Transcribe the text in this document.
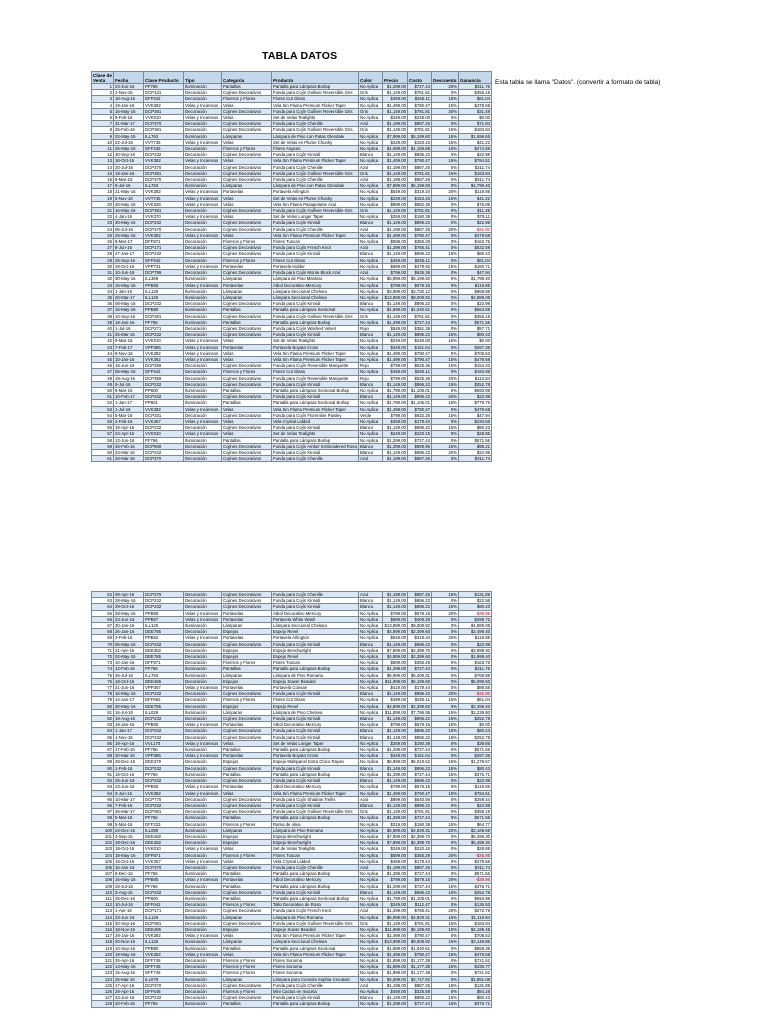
TABLA DATOS
Esta tabla se llama "Datos". (convertir a formato de tabla)
Clase de Venta	Fecha	Clase Producto	Tipo	Categoría	Producto	Color	Precio	Costo	Descuento	Ganancia
1	23-Jun-16	PF766	Iluminación	Pantallas	Pantalla para Lámpara Burlap	No Aplica	$1,299.00	$727.44	20%	$311.76
2	1-Nov-16	DCP131	Decoración	Cojines Decorativos	Funda para Cojín Gulliver Reversible Gris	Gris	$1,149.00	$781.81	0%	$356.19
3	18-Aug-16	DFF642	Decoración	Floreros y Flores	Flores Cut Glass	No Aplica	$459.00	$265.11	15%	$61.04
4	19-Jan-16	VVK382	Velas y Inciensos	Velas	Vela Sin Flama Premium Flicker Taper	No Aplica	$1,499.00	$790.47	15%	$479.68
5	16-May-16	DCP381	Decoración	Cojines Decorativos	Funda para Cojín Gulliver Reversible Gris	Gris	$1,149.00	$781.81	30%	$31.49
6	9-Feb-16	VVK010	Velas y Inciensos	Velas	Set de Velas Tealights	No Aplica	$249.00	$249.00	0%	$0.00
7	31-Mar-17	DCP370	Decoración	Cojines Decorativos	Funda para Cojín Chenille	Azul	$1,199.00	$887.26	0%	$71.94
8	25-Feb-16	DCP381	Decoración	Cojines Decorativos	Funda para Cojín Gulliver Reversible Gris	Gris	$1,149.00	$781.81	15%	$183.84
9	02-May-16	ILL763	Iluminación	Lámparas	Lámpara de Piso con Patas Glendale	No Aplica	$7,899.00	$5,199.60	15%	$1,599.55
10	22-Jul-16	VVT745	Velas y Inciensos	Velas	Set de Velas en Plume Chunky	No Aplica	$229.00	$153.43	15%	$41.22
11	26-May-16	DFF236	Decoración	Floreros y Flores	Flores Angeas	No Aplica	$1,699.00	$1,189.66	15%	$274.69
12	30-Sep-16	DCP232	Decoración	Cojines Decorativos	Funda para Cojín Kinnidi	Blanco	$1,149.00	$896.22	0%	$22.98
13	18-Oct-16	VVK382	Velas y Inciensos	Velas	Vela Sin Flama Premium Flicker Taper	No Aplica	$1,499.00	$790.47	15%	$784.51
14	20-Jul-16	DCP370	Decoración	Cojines Decorativos	Funda para Cojín Chenille	Azul	$1,199.00	$887.26	0%	$311.74
15	19-Jan-16	DCP381	Decoración	Cojines Decorativos	Funda para Cojín Gulliver Reversible Gris	Gris	$1,149.00	$781.81	15%	$183.84
16	9-Mar-16	DCP370	Decoración	Cojines Decorativos	Funda para Cojín Chenille	Azul	$1,199.00	$887.26	0%	$311.74
17	9-Jul-16	ILL763	Iluminación	Lámparas	Lámpara de Piso con Patas Glendale	No Aplica	$7,899.00	$5,199.60	0%	$4,799.40
18	21-May-16	VVK382	Velas y Inciensos	Portavelas	Portavela Arlington	No Aplica	$549.00	$319.34	20%	$119.85
19	5-Nov-16	VVT745	Velas y Inciensos	Velas	Set de Velas en Plume Chunky	No Aplica	$229.00	$153.43	15%	$41.22
20	30-May-16	VVK328	Velas y Inciensos	Velas	Vela Sin Flama Pasapelante Azul	No Aplica	$899.00	$682.35	0%	$76.89
21	16-May-16	DCP381	Decoración	Cojines Decorativos	Funda para Cojín Gulliver Reversible Gris	Gris	$1,149.00	$781.81	0%	$11.49
22	4-Jan-16	VVK370	Velas y Inciensos	Velas	Set de Velas Longer Taper	No Aplica	$259.00	$190.39	0%	$79.11
23	30-May-16	DCP232	Decoración	Cojines Decorativos	Funda para Cojín Kinnidi	Blanco	$1,149.00	$896.22	0%	$22.98
24	06-Jul-16	DCP370	Decoración	Cojines Decorativos	Funda para Cojín Chenille	Azul	$1,199.00	$887.26	20%	-$31.00
25	25-May-16	VVK382	Velas y Inciensos	Velas	Vela Sin Flama Premium Flicker Taper	No Aplica	$1,499.00	$790.47	0%	$479.68
26	9-Mar-17	DFF871	Decoración	Floreros y Flores	Flores Tuscan	No Aplica	$599.00	$355.29	0%	$163.76
27	8-Jun-16	DCP171	Decoración	Cojines Decorativos	Funda para Cojín French Knot	Azul	$1,299.00	$766.41	0%	$532.59
28	27-Jan-17	DCP232	Decoración	Cojines Decorativos	Funda para Cojín Kinnidi	Blanco	$1,149.00	$896.22	15%	$80.43
29	28-Sep-16	DFF642	Decoración	Floreros y Flores	Flores Cut Glass	No Aplica	$459.00	$265.11	0%	$61.04
30	29-Oct-16	VPP731	Velas y Inciensos	Portavelas	Portavela Kidder	No Aplica	$699.00	$479.93	15%	$160.71
31	10-Jun-16	DCP799	Decoración	Cojines Decorativos	Funda para Cojín Monte Block Azul	Azul	$799.00	$635.36	0%	$47.94
32	30-May-16	ILL369	Iluminación	Lámparas	Lámpara de Piso Mantaro	No Aplica	$6,999.00	$5,199.60	0%	$1,799.40
33	16-May-16	PPB05	Velas y Inciensos	Portavelas	Atbol Decorativo Mercury	No Aplica	$799.00	$679.15	0%	$119.85
34	1-Jan-16	ILL126	Iluminación	Lámparas	Lámpara Seccional Chelsea	No Aplica	$3,899.00	$2,730.12	0%	$968.88
35	20-Mar-17	ILL126	Iluminación	Lámparas	Lámpara Seccional Chelsea	No Aplica	$13,899.00	$9,009.92	0%	$4,889.08
36	08-May-16	DCP232	Decoración	Cojines Decorativos	Funda para Cojín Kinnidi	Blanco	$1,149.00	$896.22	0%	$22.98
37	16-May-16	PPB80	Iluminación	Pantallas	Pantalla para Lámpara Sectional	No Aplica	$1,899.00	$1,040.61	0%	$664.69
38	10-Sep-16	DCP381	Decoración	Cojines Decorativos	Funda para Cojín Gulliver Reversible Gris	Gris	$1,149.00	$781.81	0%	$356.19
39	18-Jan-16	PF766	Iluminación	Pantallas	Pantalla para Lámpara Burlap	No Aplica	$1,299.00	$727.44	0%	$571.56
40	1-Jul-16	DCP271	Decoración	Cojines Decorativos	Funda para Cojín Washed Velvet	Rojo	$549.00	$381.39	0%	$57.71
41	25-Mar-16	DCP232	Decoración	Cojines Decorativos	Funda para Cojín Kinnidi	Blanco	$1,149.00	$896.22	15%	$80.43
42	9-Mar-16	VVK010	Velas y Inciensos	Velas	Set de Velas Tealights	No Aplica	$249.00	$249.00	15%	$0.00
43	7-Feb-17	VPP385	Velas y Inciensos	Portavelas	Portavela Boyata Cross	No Aplica	$449.00	$161.64	0%	$287.36
44	9-Nov-16	VVK382	Velas y Inciensos	Velas	Vela Sin Flama Premium Flicker Taper	No Aplica	$1,499.00	$790.47	0%	$708.53
45	10-Jan-16	VVK382	Velas y Inciensos	Velas	Vela Sin Flama Premium Flicker Taper	No Aplica	$1,499.00	$790.47	15%	$479.68
46	18-Jun-16	DCP359	Decoración	Cojines Decorativos	Funda para Cojín Reversible Marquette	Rojo	$799.00	$525.36	15%	$154.03
47	06-May-16	DFF642	Decoración	Floreros y Flores	Flores Cut Glass	No Aplica	$459.00	$265.11	0%	$193.89
48	19-Aug-16	DCP359	Decoración	Cojines Decorativos	Funda para Cojín Reversible Marquette	Rojo	$799.00	$525.36	20%	$113.84
49	9-Jul-16	DCP232	Decoración	Cojines Decorativos	Funda para Cojín Kinnidi	Blanco	$1,149.00	$896.22	15%	$252.78
50	8-Mar-16	PP600	Iluminación	Pantallas	Pantalla para Lámpara Sectional Burlap	No Aplica	$1,799.00	$1,105.01	0%	$693.99
51	10-Feb-17	DCP232	Decoración	Cojines Decorativos	Funda para Cojín Kinnidi	Blanco	$1,149.00	$896.22	20%	$22.98
52	1-Jan-17	PP601	Iluminación	Pantallas	Pantalla para Lámpara Sectional Burlap	No Aplica	$1,799.00	$1,105.01	15%	$779.75
53	1-Jul-16	VVK382	Velas y Inciensos	Velas	Vela Sin Flama Premium Flicker Taper	No Aplica	$1,499.00	$790.47	0%	$479.68
54	5-Mar-16	DCP331	Decoración	Cojines Decorativos	Funda para Cojín Florentine Paisley	Verde	$799.00	$632.25	15%	$47.94
55	2-Feb-16	VVK367	Velas y Inciensos	Velas	Vela Crystal Lidded	No Aplica	$459.00	$179.44	0%	$220.56
56	19-Apr-16	DCP232	Decoración	Cojines Decorativos	Funda para Cojín Kinnidi	Blanco	$1,149.00	$896.22	15%	$80.43
57	24-Apr-16	VVK010	Velas y Inciensos	Velas	Set de Velas Tealights	No Aplica	$249.00	$220.15	0%	$28.85
58	13-Jun-16	PF766	Iluminación	Pantallas	Pantalla para Lámpara Burlap	No Aplica	$1,299.00	$727.44	0%	$571.56
59	26-Feb-16	DCP560	Decoración	Cojines Decorativos	Funda para Cojín Amber Embroidered Rosa	Blanco	$1,299.00	$989.96	15%	$98.21
60	23-Mar-16	DCP232	Decoración	Cojines Decorativos	Funda para Cojín Kinnidi	Blanco	$1,149.00	$896.22	20%	$22.98
61	20-Mar-16	DCP370	Decoración	Cojines Decorativos	Funda para Cojín Chenille	Azul	$1,199.00	$887.26	0%	$311.74
62	09-Apr-16	DCP370	Decoración	Cojines Decorativos	Funda para Cojín Chenille	Azul	$1,199.00	$887.26	15%	$131.89
63	28-May-16	DCP232	Decoración	Cojines Decorativos	Funda para Cojín Kinnidi	Blanco	$1,149.00	$896.22	0%	$22.98
64	29-Oct-16	DCP232	Decoración	Cojines Decorativos	Funda para Cojín Kinnidi	Blanco	$1,149.00	$896.22	15%	$80.43
65	28-May-16	PPB05	Velas y Inciensos	Portavelas	Atbol Decorativo Mercury	No Aplica	$799.00	$679.15	20%	-$39.95
66	23-Jun-16	PPB07	Velas y Inciensos	Portavelas	Portavela White Wash	No Aplica	$699.00	$409.28	0%	$289.72
67	30-Jan-16	ILL126	Iluminación	Lámparas	Lámpara Seccional Chelsea	No Aplica	$13,899.00	$9,009.92	0%	$4,889.08
68	26-Jan-16	DEE785	Decoración	Espejos	Espejo Revel	No Aplica	$4,899.00	$2,399.60	0%	$2,499.40
69	3-Feb-16	PPB62	Velas y Inciensos	Portavelas	Portavela Arlington	No Aplica	$549.00	$319.34	20%	$119.85
70	06-May-16	DCP232	Decoración	Cojines Decorativos	Funda para Cojín Kinnidi	Blanco	$1,149.00	$896.22	0%	$22.98
71	21-Apr-16	DEE482	Decoración	Espejos	Espejo Benchwright	No Aplica	$7,899.00	$2,399.70	0%	$3,999.30
72	02-May-16	DEE785	Decoración	Espejos	Espejo Revel	No Aplica	$4,899.00	$2,399.60	0%	$1,999.40
73	10-Jan-16	DFF871	Decoración	Floreros y Flores	Flores Tuscan	No Aplica	$599.00	$355.29	0%	$163.76
74	12-Feb-16	PF766	Iluminación	Pantallas	Pantalla para Lámpara Burlap	No Aplica	$1,299.00	$727.44	0%	$311.76
75	26-Jul-16	ILL763	Iluminación	Lámparas	Lámpara de Piso Romana	No Aplica	$6,999.00	$5,409.31	0%	$769.88
76	18-Oct-16	DEE486	Decoración	Espejos	Espejo Sower Beaded	No Aplica	$11,999.00	$6,199.60	0%	$5,099.50
77	21-Jun-16	VPP367	Velas y Inciensos	Portavelas	Portavela Corisan	No Aplica	$419.00	$179.44	0%	$89.55
78	16-May-16	DCP232	Decoración	Cojines Decorativos	Funda para Cojín Kinnidi	Blanco	$1,149.00	$896.22	20%	-$31.00
79	14-Jan-17	DFF662	Decoración	Floreros y Flores	Flores Cut Glass	No Aplica	$499.00	$265.11	15%	$61.04
80	30-May-16	DEE785	Decoración	Espejos	Espejo Revel	No Aplica	$4,899.00	$2,399.60	0%	$2,499.40
81	16-Jul-16	ILL029	Iluminación	Lámparas	Lámpara de Piso Chelsea	No Aplica	$11,899.00	$7,795.95	15%	$2,239.80
82	19-Aug-16	DCP232	Decoración	Cojines Decorativos	Funda para Cojín Kinnidi	Blanco	$1,149.00	$896.22	15%	$252.78
83	19-Jan-16	PPB05	Velas y Inciensos	Portavelas	Atbol Decorativo Mercury	No Aplica	$799.00	$679.15	15%	$0.00
84	1-Jan-17	DCP232	Decoración	Cojines Decorativos	Funda para Cojín Kinnidi	Blanco	$1,149.00	$896.22	15%	$80.43
85	1-Nov-16	DCP232	Decoración	Cojines Decorativos	Funda para Cojín Kinnidi	Blanco	$1,149.00	$896.22	15%	$252.78
86	19-Apr-16	VVL170	Velas y Inciensos	Velas	Set de Velas Longer Taper	No Aplica	$259.00	$190.39	0%	$39.85
87	17-Feb-16	PF766	Iluminación	Pantallas	Pantalla para Lámpara Burlap	No Aplica	$1,299.00	$727.44	0%	$571.56
88	30-Mar-16	VPP385	Velas y Inciensos	Portavelas	Portavela Boyata Cross	No Aplica	$449.00	$161.64	0%	$287.36
89	28-Dec-16	DEE379	Decoración	Espejos	Espejo Multipanel Extra Chico Rayan	No Aplica	$6,999.00	$5,019.62	15%	$1,279.57
90	1-Feb-16	DCP232	Decoración	Cojines Decorativos	Funda para Cojín Kinnidi	Blanco	$1,149.00	$896.22	15%	$80.43
91	18-Oct-16	PF766	Iluminación	Pantallas	Pantalla para Lámpara Burlap	No Aplica	$1,299.00	$727.44	15%	$376.71
92	28-Jun-16	DCP232	Decoración	Cojines Decorativos	Funda para Cojín Kinnidi	Blanco	$1,149.00	$896.22	0%	$22.98
93	23-Jun-16	PPB05	Velas y Inciensos	Portavelas	Atbol Decorativo Mercury	No Aplica	$799.00	$679.15	0%	$119.85
94	3-Jun-16	VVK382	Velas y Inciensos	Velas	Vela Sin Flama Premium Flicker Taper	No Aplica	$1,499.00	$790.47	15%	$784.51
95	10-Mar-17	DCP770	Decoración	Cojines Decorativos	Funda para Cojín Shadow Trellis	Azul	$899.00	$640.56	0%	$258.44
96	7-Feb-16	DCP232	Decoración	Cojines Decorativos	Funda para Cojín Kinnidi	Blanco	$1,149.00	$896.22	0%	$22.98
97	26-Mar-17	DCP381	Decoración	Cojines Decorativos	Funda para Cojín Gulliver Reversible Gris	Gris	$1,149.00	$781.81	0%	$356.19
98	5-Mar-16	PF766	Iluminación	Pantallas	Pantalla para Lámpara Burlap	No Aplica	$1,299.00	$727.44	0%	$571.56
99	5-Mar-16	DFF233	Decoración	Floreros y Flores	Rama de oliva	No Aplica	$319.00	$190.38	15%	$64.77
100	24-Dec-16	ILL080	Iluminación	Lámparas	Lámpara de Piso Romana	No Aplica	$6,999.00	$4,829.31	20%	$2,169.69
101	4-Sep-16	DEE482	Decoración	Espejos	Espejo Benchwright	No Aplica	$7,899.00	$2,399.70	0%	$5,499.30
102	18-Dec-16	DEE482	Decoración	Espejos	Espejo Benchwright	No Aplica	$7,899.00	$2,399.70	0%	$5,499.30
103	18-Oct-16	VVK010	Velas y Inciensos	Velas	Set de Velas Tealights	No Aplica	$249.00	$220.15	0%	$28.85
104	18-May-16	DFF871	Decoración	Floreros y Flores	Flores Tuscan	No Aplica	$599.00	$355.29	20%	-$35.95
105	18-Oct-16	VVK367	Velas y Inciensos	Velas	Vela Crystal Lidded	No Aplica	$459.00	$179.44	0%	$279.56
106	16-Jan-16	DCP370	Decoración	Cojines Decorativos	Funda para Cojín Chenille	Azul	$1,199.00	$887.26	0%	$311.74
107	8-Dec-16	PF766	Iluminación	Pantallas	Pantalla para Lámpara Burlap	No Aplica	$1,299.00	$727.44	0%	$571.56
108	16-May-16	PPB05	Velas y Inciensos	Portavelas	Atbol Decorativo Mercury	No Aplica	$799.00	$679.15	20%	-$39.95
109	28-Jul-16	PF766	Iluminación	Pantallas	Pantalla para Lámpara Burlap	No Aplica	$1,299.00	$727.44	15%	$376.71
110	3-Aug-16	DCP232	Decoración	Cojines Decorativos	Funda para Cojín Kinnidi	Blanco	$1,149.00	$896.22	15%	$252.78
111	25-Dec-16	PP600	Iluminación	Pantallas	Pantalla para Lámpara Sectional Burlap	No Aplica	$1,799.00	$1,105.01	0%	$693.99
112	10-Jul-16	DFF642	Decoración	Floreros y Flores	Tallo Decorativo de Rosa	No Aplica	$249.00	$112.47	0%	$136.53
113	1-Apr-16	DCP171	Decoración	Cojines Decorativos	Funda para Cojín French Knot	Azul	$1,299.00	$766.41	20%	$272.79
114	23-Jun-16	ILL126	Iluminación	Lámparas	Lámpara de Piso Romana	No Aplica	$6,999.00	$4,829.31	15%	$1,119.84
115	30-Sep-16	DCP381	Decoración	Cojines Decorativos	Funda para Cojín Gulliver Reversible Gris	Gris	$1,149.00	$781.81	15%	$183.84
116	18-Nov-16	DEE486	Decoración	Espejos	Espejo Sower Beaded	No Aplica	$11,999.00	$6,199.60	15%	$4,199.45
117	29-Jan-16	VVK382	Velas y Inciensos	Velas	Vela Sin Flama Premium Flicker Taper	No Aplica	$1,499.00	$790.47	0%	$708.53
118	20-Nov-16	ILL126	Iluminación	Lámparas	Lámpara Seccional Chelsea	No Aplica	$13,899.00	$9,009.92	15%	$3,149.86
119	10-Sep-16	PPB80	Iluminación	Pantallas	Pantalla para Lámpara Sectional	No Aplica	$1,899.00	$1,040.61	0%	$858.39
120	19-May-16	VVK382	Velas y Inciensos	Velas	Vela Sin Flama Premium Flicker Taper	No Aplica	$1,499.00	$790.47	15%	$479.68
121	25-Apr-16	DFF745	Decoración	Floreros y Flores	Flores Sonoma	No Aplica	$1,899.00	$1,177.38	0%	$721.62
122	13-May-16	DFF745	Decoración	Floreros y Flores	Flores Sonoma	No Aplica	$1,899.00	$1,177.38	15%	$436.77
123	15-Aug-16	DFF745	Decoración	Floreros y Flores	Flores Sonoma	No Aplica	$1,899.00	$1,177.38	0%	$721.62
124	26-Mar-16	ILL079	Iluminación	Lámparas	Lámpara para Consola Sophia Cerulean	No Aplica	$4,599.00	$2,747.92	0%	$1,851.08
125	17-Apr-16	DCP370	Decoración	Cojines Decorativos	Funda para Cojín Chenille	Azul	$1,199.00	$887.26	15%	$131.89
126	29-Apr-16	DFF648	Decoración	Floreros y Flores	Mini Cactus en maceta	No Aplica	$459.00	$325.88	0%	$84.28
127	23-Jun-16	DCP232	Decoración	Cojines Decorativos	Funda para Cojín Kinnidi	Blanco	$1,149.00	$896.22	15%	$80.43
128	20-Feb-16	PF766	Iluminación	Pantallas	Pantalla para Lámpara Burlap	No Aplica	$1,299.00	$727.44	15%	$376.71
